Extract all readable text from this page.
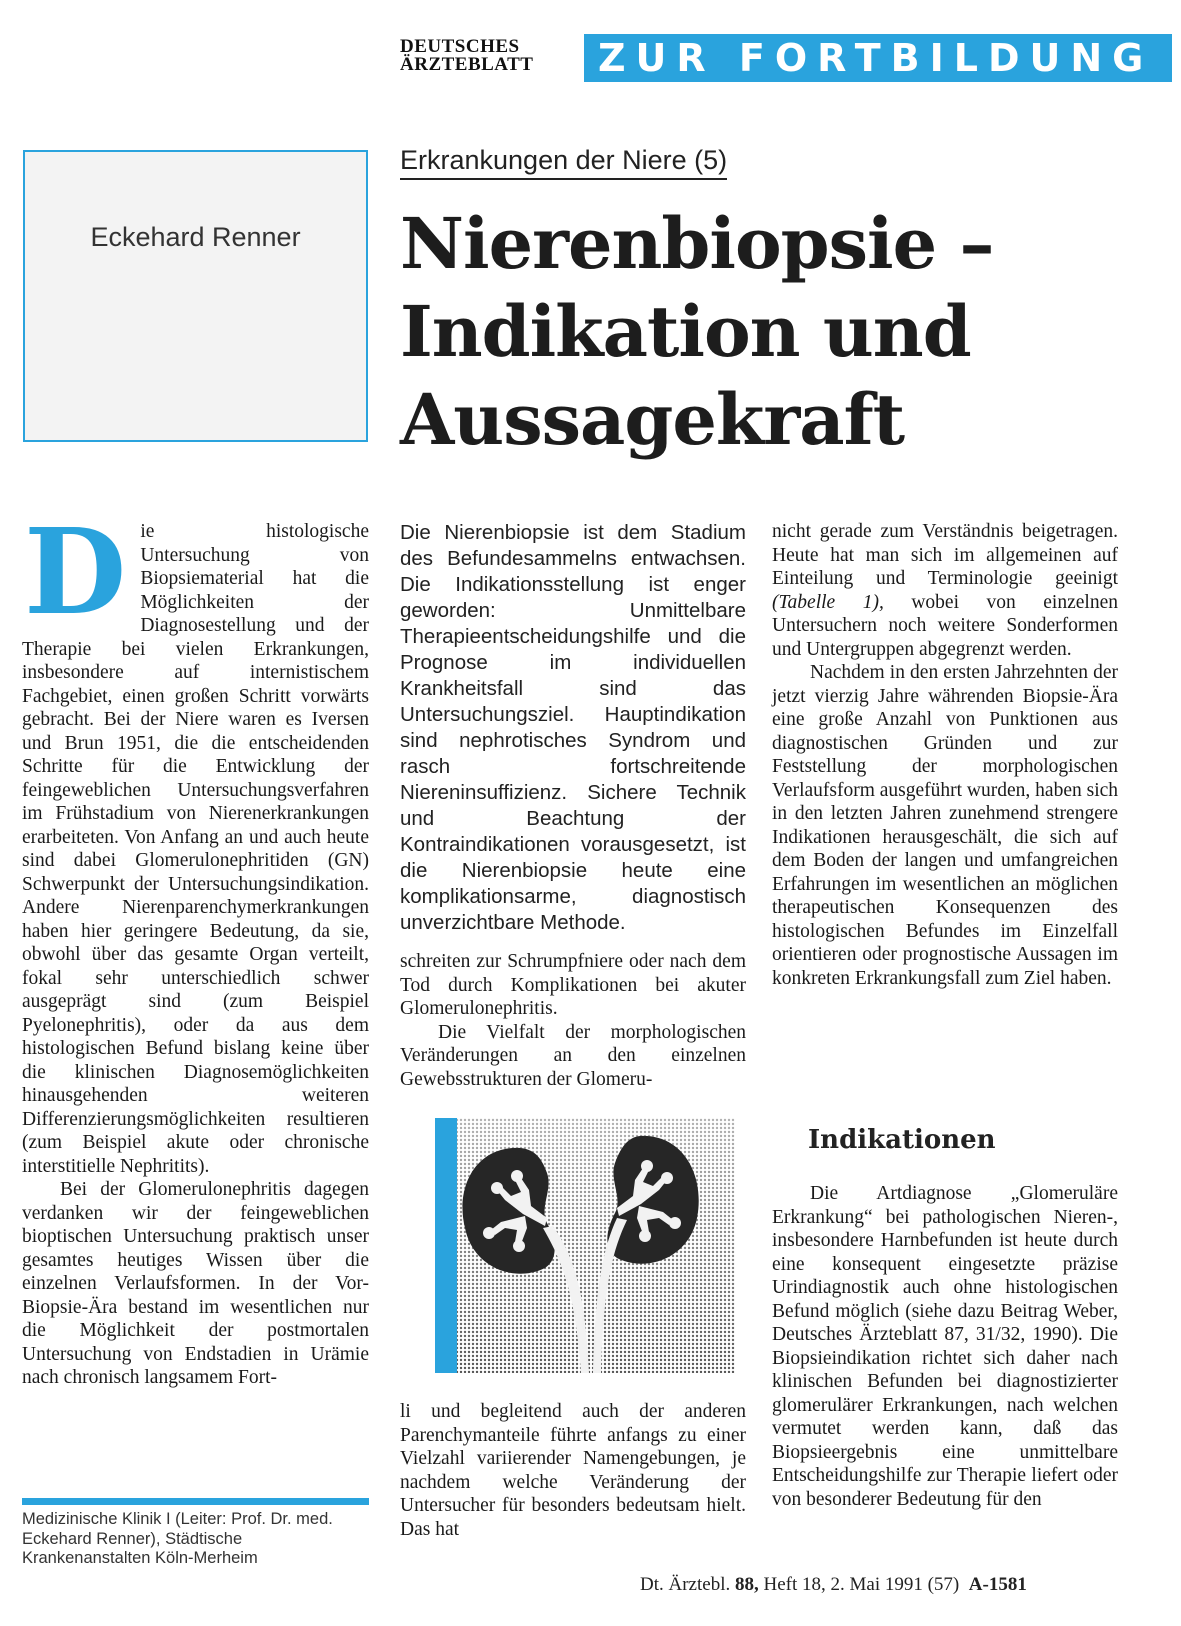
DEUTSCHES
ÄRZTEBLATT	ZUR FORTBILDUNG
Eckehard Renner
Erkrankungen der Niere (5)
Nierenbiopsie –
Indikation und
Aussagekraft

Die histologische Untersuchung von Biopsiematerial hat die Möglichkeiten der Diagnosestellung und der Therapie bei vielen Erkrankungen, insbesondere auf internistischem Fachgebiet, einen großen Schritt vorwärts gebracht. Bei der Niere waren es Iversen und Brun 1951, die die entscheidenden Schritte für die Entwicklung der feingeweblichen Untersuchungsverfahren im Frühstadium von Nierenerkrankungen erarbeiteten. Von Anfang an und auch heute sind dabei Glomerulonephritiden (GN) Schwerpunkt der Untersuchungsindikation. Andere Nierenparenchymerkrankungen haben hier geringere Bedeutung, da sie, obwohl über das gesamte Organ verteilt, fokal sehr unterschiedlich schwer ausgeprägt sind (zum Beispiel Pyelonephritis), oder da aus dem histologischen Befund bislang keine über die klinischen Diagnosemöglichkeiten hinausgehenden weiteren Differenzierungsmöglichkeiten resultieren (zum Beispiel akute oder chronische interstitielle Nephritits).

Bei der Glomerulonephritis dagegen verdanken wir der feingeweblichen bioptischen Untersuchung praktisch unser gesamtes heutiges Wissen über die einzelnen Verlaufsformen. In der Vor-Biopsie-Ära bestand im wesentlichen nur die Möglichkeit der postmortalen Untersuchung von Endstadien in Urämie nach chronisch langsamem Fort-

Die Nierenbiopsie ist dem Stadium des Befundesammelns entwachsen. Die Indikationsstellung ist enger geworden: Unmittelbare Therapieentscheidungshilfe und die Prognose im individuellen Krankheitsfall sind das Untersuchungsziel. Hauptindikation sind nephrotisches Syndrom und rasch fortschreitende Niereninsuffizienz. Sichere Technik und Beachtung der Kontraindikationen vorausgesetzt, ist die Nierenbiopsie heute eine komplikationsarme, diagnostisch unverzichtbare Methode.

schreiten zur Schrumpfniere oder nach dem Tod durch Komplikationen bei akuter Glomerulonephritis.

Die Vielfalt der morphologischen Veränderungen an den einzelnen Gewebsstrukturen der Glomeru-

li und begleitend auch der anderen Parenchymanteile führte anfangs zu einer Vielzahl variierender Namengebungen, je nachdem welche Veränderung der Untersucher für besonders bedeutsam hielt. Das hat

nicht gerade zum Verständnis beigetragen. Heute hat man sich im allgemeinen auf Einteilung und Terminologie geeinigt (Tabelle 1), wobei von einzelnen Untersuchern noch weitere Sonderformen und Untergruppen abgegrenzt werden.

Nachdem in den ersten Jahrzehnten der jetzt vierzig Jahre währenden Biopsie-Ära eine große Anzahl von Punktionen aus diagnostischen Gründen und zur Feststellung der morphologischen Verlaufsform ausgeführt wurden, haben sich in den letzten Jahren zunehmend strengere Indikationen herausgeschält, die sich auf dem Boden der langen und umfangreichen Erfahrungen im wesentlichen an möglichen therapeutischen Konsequenzen des histologischen Befundes im Einzelfall orientieren oder prognostische Aussagen im konkreten Erkrankungsfall zum Ziel haben.

Indikationen

Die Artdiagnose „Glomeruläre Erkrankung“ bei pathologischen Nieren-, insbesondere Harnbefunden ist heute durch eine konsequent eingesetzte präzise Urindiagnostik auch ohne histologischen Befund möglich (siehe dazu Beitrag Weber, Deutsches Ärzteblatt 87, 31/32, 1990). Die Biopsieindikation richtet sich daher nach klinischen Befunden bei diagnostizierter glomerulärer Erkrankungen, nach welchen vermutet werden kann, daß das Biopsieergebnis eine unmittelbare Entscheidungshilfe zur Therapie liefert oder von besonderer Bedeutung für den

Medizinische Klinik I (Leiter: Prof. Dr. med. Eckehard Renner), Städtische Krankenanstalten Köln-Merheim
Dt. Ärztebl. 88, Heft 18, 2. Mai 1991 (57) A-1581
